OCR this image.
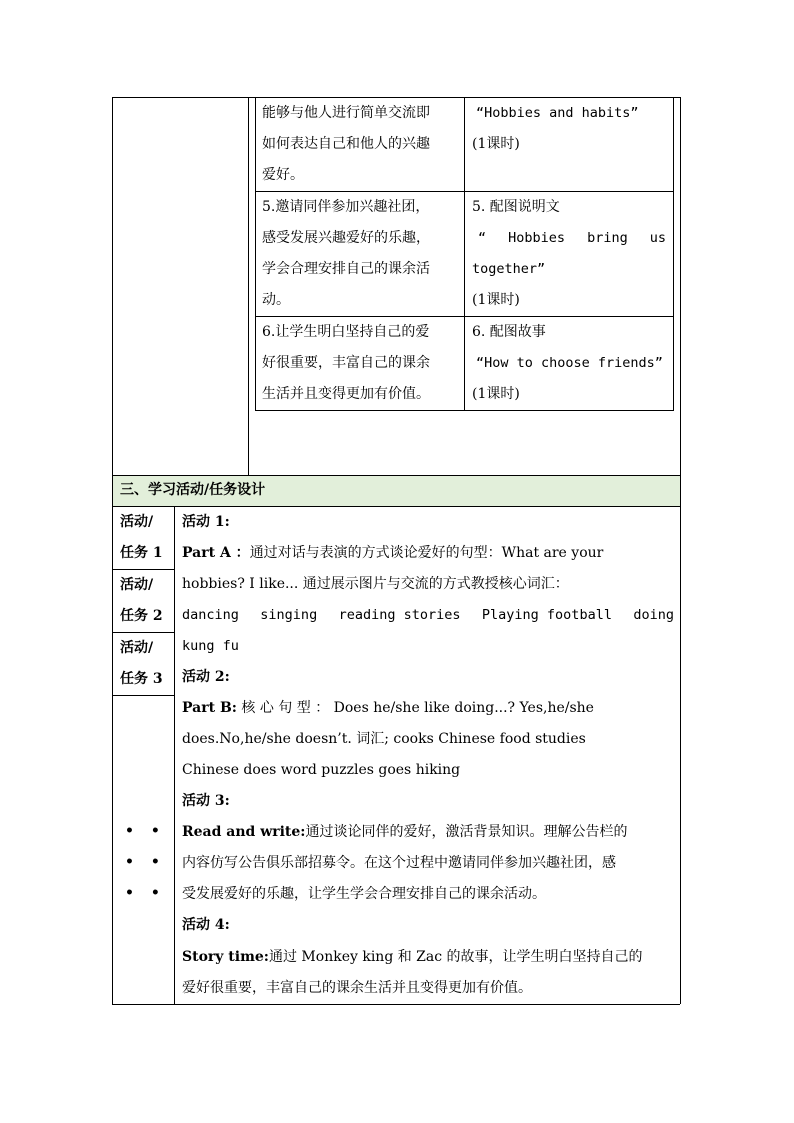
能够与他人进行简单交流即
如何表达自己和他人的兴趣
爱好。
“Hobbies and habits”
(1课时)
5.邀请同伴参加兴趣社团，
感受发展兴趣爱好的乐趣，
学会合理安排自己的课余活
动。
5. 配图说明文
“ Hobbies bring us
together”
(1课时)
6.让学生明白坚持自己的爱
好很重要，丰富自己的课余
生活并且变得更加有价值。
6. 配图故事
“How to choose friends”
(1课时)
三、学习活动/任务设计
活动/
任务 1
活动/
任务 2
活动/
任务 3
• •
• •
• •
活动 1:
Part A ：通过对话与表演的方式谈论爱好的句型：What are your
hobbies? I like... 通过展示图片与交流的方式教授核心词汇：
dancing singing reading stories Playing football doing
kung fu
活动 2:
Part B: 核 心 句 型 ： Does he/she like doing...? Yes,he/she
does.No,he/she doesn’t. 词汇; cooks Chinese food studies
Chinese does word puzzles goes hiking
活动 3:
Read and write:通过谈论同伴的爱好，激活背景知识。理解公告栏的
内容仿写公告俱乐部招募令。在这个过程中邀请同伴参加兴趣社团，感
受发展爱好的乐趣，让学生学会合理安排自己的课余活动。
活动 4:
Story time:通过 Monkey king 和 Zac 的故事，让学生明白坚持自己的
爱好很重要，丰富自己的课余生活并且变得更加有价值。
